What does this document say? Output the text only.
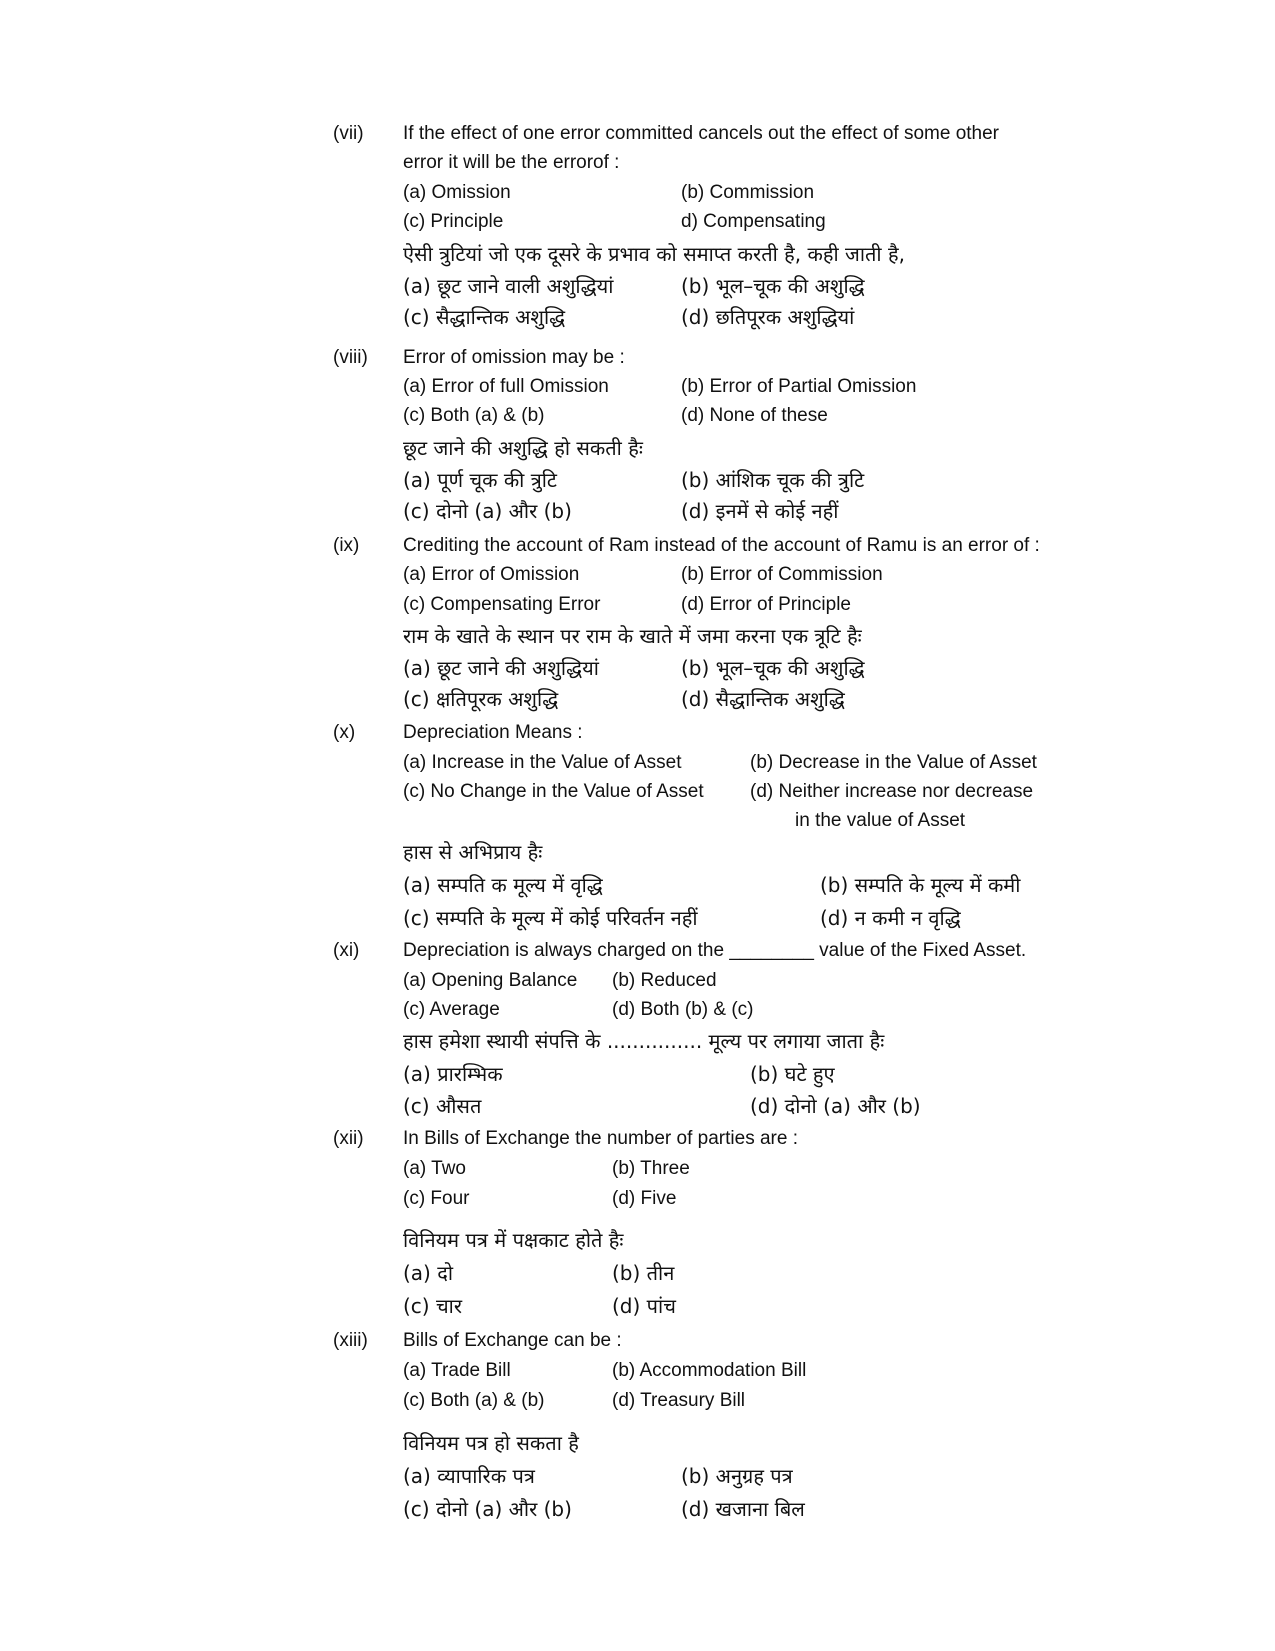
(vii) If the effect of one error committed cancels out the effect of some other
error it will be the errorof :
(a) Omission	(b) Commission
(c) Principle	d) Compensating
ऐसी त्रुटियां जो एक दूसरे के प्रभाव को समाप्त करती है, कही जाती है,
(a) छूट जाने वाली अशुद्धियां	(b) भूल–चूक की अशुद्धि
(c) सैद्धान्तिक अशुद्धि	(d) छतिपूरक अशुद्धियां
(viii) Error of omission may be :
(a) Error of full Omission	(b) Error of Partial Omission
(c) Both (a) & (b)	(d) None of these
छूट जाने की अशुद्धि हो सकती हैः
(a) पूर्ण चूक की त्रुटि	(b) आंशिक चूक की त्रुटि
(c) दोनो (a) और (b)	(d) इनमें से कोई नहीं
(ix) Crediting the account of Ram instead of the account of Ramu is an error of :
(a) Error of Omission	(b) Error of Commission
(c) Compensating Error	(d) Error of Principle
राम के खाते के स्थान पर राम के खाते में जमा करना एक त्रूटि हैः
(a) छूट जाने की अशुद्धियां	(b) भूल–चूक की अशुद्धि
(c) क्षतिपूरक अशुद्धि	(d) सैद्धान्तिक अशुद्धि
(x)	Depreciation Means :
(a) Increase in the Value of Asset	(b) Decrease in the Value of Asset
(c) No Change in the Value of Asset (d) Neither increase nor decrease
in the value of Asset
हास से अभिप्राय हैः
(a) सम्पति क मूल्य में वृद्धि	(b) सम्पति के मूल्य में कमी
(c) सम्पति के मूल्य में कोई परिवर्तन नहीं	(d) न कमी न वृद्धि
(xi) Depreciation is always charged on the ________ value of the Fixed Asset.
(a) Opening Balance (b) Reduced
(c) Average	(d) Both (b) & (c)
हास हमेशा स्थायी संपत्ति के ............... मूल्य पर लगाया जाता हैः
(a) प्रारम्भिक	(b) घटे हुए
(c) औसत	(d) दोनो (a) और (b)
(xii) In Bills of Exchange the number of parties are :
(a) Two	(b) Three
(c) Four	(d) Five
विनियम पत्र में पक्षकाट होते हैः
(a) दो	(b) तीन
(c) चार	(d) पांच
(xiii) Bills of Exchange can be :
(a) Trade Bill	(b) Accommodation Bill
(c) Both (a) & (b)	(d) Treasury Bill
विनियम पत्र हो सकता है
(a) व्यापारिक पत्र	(b) अनुग्रह पत्र
(c) दोनो (a) और (b)	(d) खजाना बिल
